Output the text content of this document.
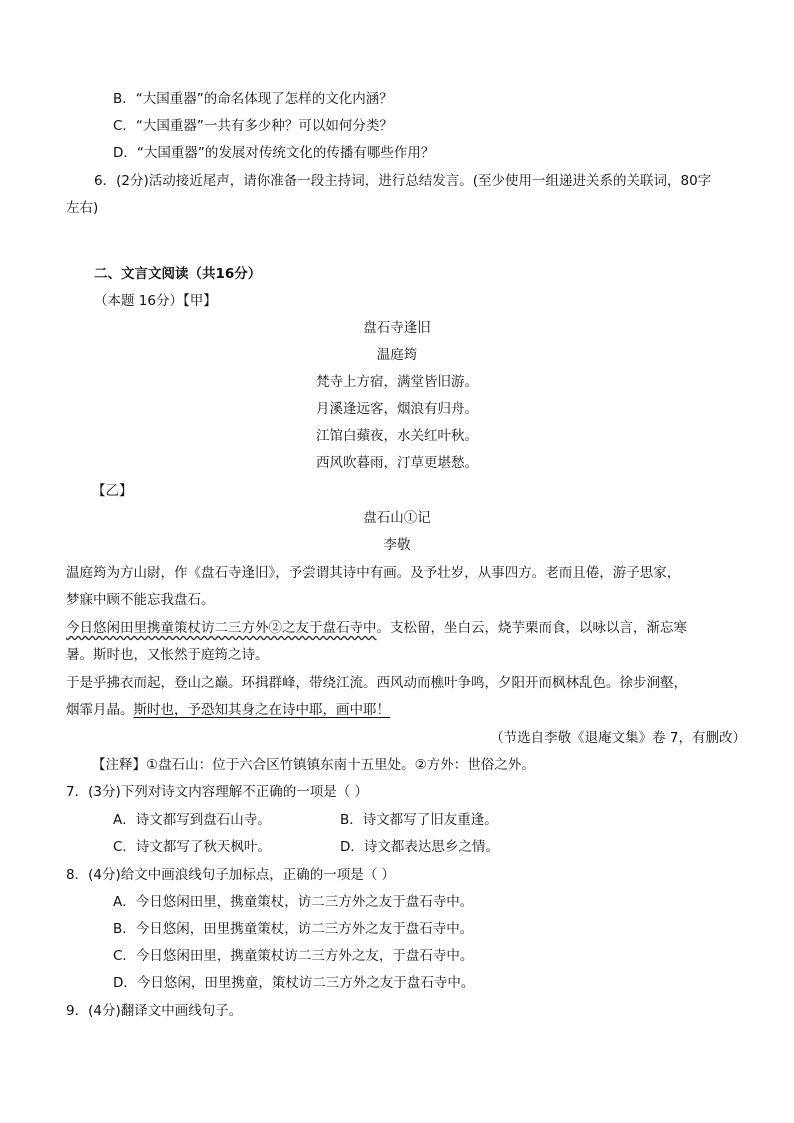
B．“大国重器”的命名体现了怎样的文化内涵？
C．“大国重器”一共有多少种？可以如何分类？
D．“大国重器”的发展对传统文化的传播有哪些作用？
6．(2分)活动接近尾声，请你准备一段主持词，进行总结发言。(至少使用一组递进关系的关联词，80字
左右)
二、文言文阅读（共16分）
（本题 16分）【甲】
盘石寺逢旧
温庭筠
梵寺上方宿，满堂皆旧游。
月溪逢远客，烟浪有归舟。
江馆白蘋夜，水关红叶秋。
西风吹暮雨，汀草更堪愁。
【乙】
盘石山①记
李敬
温庭筠为方山尉，作《盘石寺逢旧》，予尝谓其诗中有画。及予壮岁，从事四方。老而且倦，游子思家，
梦寐中顾不能忘我盘石。
今日悠闲田里携童策杖访二三方外②之友于盘石寺中。支松留，坐白云，烧芋栗而食，以咏以言，渐忘寒
暑。斯时也，又怅然于庭筠之诗。
于是乎拂衣而起，登山之巅。环揖群峰，带绕江流。西风动而樵叶争鸣，夕阳开而枫林乱色。徐步涧壑，
烟霏月晶。斯时也，予恐知其身之在诗中耶，画中耶！
（节选自李敬《退庵文集》卷 7，有删改）
【注释】①盘石山：位于六合区竹镇镇东南十五里处。②方外：世俗之外。
7．(3分)下列对诗文内容理解不正确的一项是（ ）
A．诗文都写到盘石山寺。	B．诗文都写了旧友重逢。
C．诗文都写了秋天枫叶。	D．诗文都表达思乡之情。
8．(4分)给文中画浪线句子加标点，正确的一项是（ ）
A．今日悠闲田里，携童策杖，访二三方外之友于盘石寺中。
B．今日悠闲，田里携童策杖，访二三方外之友于盘石寺中。
C．今日悠闲田里，携童策杖访二三方外之友，于盘石寺中。
D．今日悠闲，田里携童，策杖访二三方外之友于盘石寺中。
9．(4分)翻译文中画线句子。
